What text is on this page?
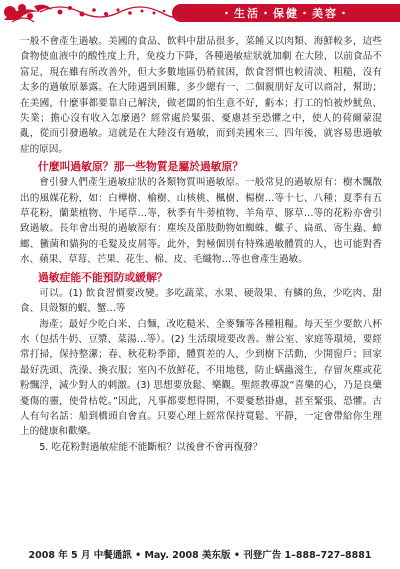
・生活・保健・美容・

一般不會產生過敏。美國的食品、飲料中甜品很多，菜餚又以肉類、海鮮較多，這些食物使血液中的酸性度上升，免疫力下降，各種過敏症狀就加劇 在大陸，以前食品不富足，現在雖有所改善外，但大多數地區仍稍貧困，飲食習慣也較清淡、粗糙，沒有太多的過敏原暴露。在大陸遇到困難，多少總有一、二個親朋好友可以商討，幫助；在美國，什麼事都要靠自己解決，做老闆的怕生意不好，虧本；打工的怕被炒魷魚、失業；擔心沒有收入怎麼過？經常處於緊張、憂慮甚至恐懼之中，使人的荷爾蒙混亂，從而引發過敏。這就是在大陸沒有過敏，而到美國來三、四年後，就容易患過敏症的原因。

什麼叫過敏原？那一些物質是屬於過敏原？

會引發人們產生過敏症狀的各類物質叫過敏原。一般常見的過敏原有：樹木飄散出的風媒花粉，如：白樺樹、榆樹、山核桃、楓樹、楊樹…等十七、八種；夏季有五草花粉，蘭葉植物、牛尾草…等，秋季有牛蒡植物、羊角草、豚草…等的花粉亦會引致過敏。長年會出現的過敏原有：塵埃及節肢動物如蜘蛛、蠍子、扁虱、寄生蟲、蟑螂、黴菌和貓狗的毛髮及皮屑等。此外，對極個別有特殊過敏體質的人，也可能對香水、蘋果、草莓、芒果、花生、棉、皮、毛織物…等也會產生過敏。

過敏症能不能預防或緩解？

可以。(1) 飲食習慣要改變。多吃蔬菜、水果、硬殼果、有鱗的魚，少吃肉、甜食、貝殼類的蝦、蟹…等

海產；最好少吃白米、白麵，改吃糙米、全麥麵等各種粗糧。每天至少要飲八杯水（包括牛奶、豆漿、菜湯…等）。(2) 生活環境要改善。辦公室、家庭等環境，要經常打掃，保持整潔；春、秋花粉季節，體質差的人，少到樹下活動，少開窗戶；回家最好洗頭、洗澡、換衣服；室內不放鮮花，不用地毯，防止螨蟲滋生，存留灰塵或花粉飄浮，減少對人的刺激。(3) 思想要放鬆、樂觀。聖經教導說“喜樂的心，乃是良藥 憂傷的靈，使骨枯乾。”因此，凡事都要想得開，不要憂愁掛慮，甚至緊張、恐懼。古人有句名話：船到橋頭自會直。只要心理上經常保持寬鬆、平靜，一定會帶給你生理上的健康和歡樂。

5. 吃花粉對過敏症能不能斷根？以後會不會再復發？

2008 年 5 月 中餐通訊 • May. 2008 美东版 • 刊登广告 1–888–727–8881
